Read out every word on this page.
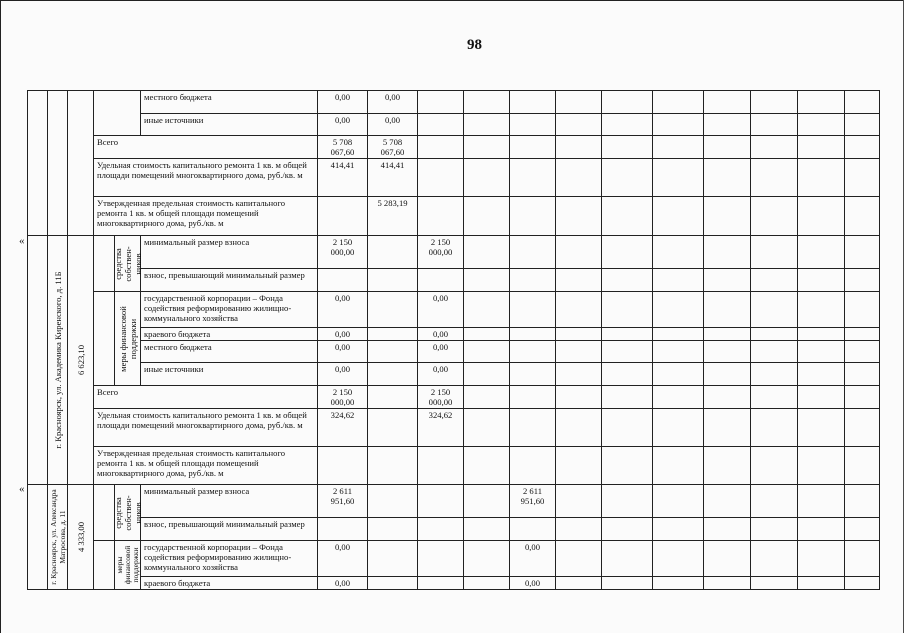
98
«
«
					местного бюджета	0,00	0,00										
					иные источники	0,00	0,00										
			Всего			5 708 067,60	5 708 067,60										
			Удельная стоимость капитального ремонта 1 кв. м общей площади помещений многоквартирного дома, руб./кв. м			414,41	414,41										
			Утвержденная предельная стоимость капитального ремонта 1 кв. м общей площади помещений многоквартирного дома, руб./кв. м				5 283,19										

	г. Красноярск, ул. Академика Киренского, д. 11Б	6 623,10		средства собствен-ников	минимальный размер взноса	2 150 000,00		2 150 000,00									
					взнос, превышающий минимальный размер												

				меры финансовой поддержки	государственной корпорации – Фонда содействия реформированию жилищно-коммунального хозяйства	0,00		0,00									
					краевого бюджета	0,00		0,00									
					местного бюджета	0,00		0,00									
					иные источники	0,00		0,00									
			Всего			2 150 000,00		2 150 000,00									
			Удельная стоимость капитального ремонта 1 кв. м общей площади помещений многоквартирного дома, руб./кв. м			324,62		324,62									
			Утвержденная предельная стоимость капитального ремонта 1 кв. м общей площади помещений многоквартирного дома, руб./кв. м														

	г. Красноярск, ул. Александра Матросова, д. 11	4 333,00		средства собствен-ников	минимальный размер взноса	2 611 951,60				2 611 951,60							
					взнос, превышающий минимальный размер												

				меры финансовой поддержки	государственной корпорации – Фонда содействия реформированию жилищно-коммунального хозяйства	0,00				0,00							
					краевого бюджета	0,00				0,00							
